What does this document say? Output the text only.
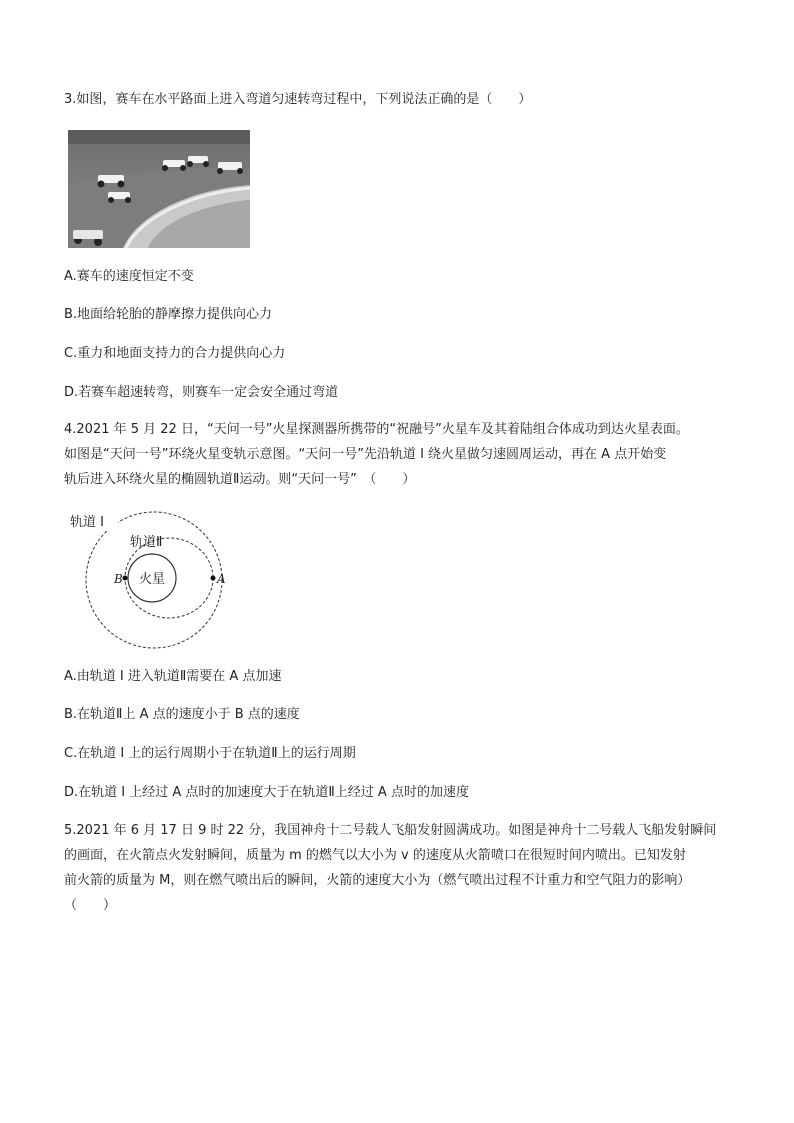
3.如图，赛车在水平路面上进入弯道匀速转弯过程中，下列说法正确的是（　　）
A.赛车的速度恒定不变
B.地面给轮胎的静摩擦力提供向心力
C.重力和地面支持力的合力提供向心力
D.若赛车超速转弯，则赛车一定会安全通过弯道
4.2021 年 5 月 22 日，“天问一号”火星探测器所携带的“祝融号”火星车及其着陆组合体成功到达火星表面。
如图是“天问一号”环绕火星变轨示意图。“天问一号”先沿轨道 I 绕火星做匀速圆周运动，再在 A 点开始变
轨后进入环绕火星的椭圆轨道Ⅱ运动。则“天问一号”　（　　）
火星
B	A
轨道 I
轨道Ⅱ
A.由轨道 I 进入轨道Ⅱ需要在 A 点加速
B.在轨道Ⅱ上 A 点的速度小于 B 点的速度
C.在轨道 I 上的运行周期小于在轨道Ⅱ上的运行周期
D.在轨道 I 上经过 A 点时的加速度大于在轨道Ⅱ上经过 A 点时的加速度
5.2021 年 6 月 17 日 9 时 22 分，我国神舟十二号载人飞船发射圆满成功。如图是神舟十二号载人飞船发射瞬间
的画面，在火箭点火发射瞬间，质量为 m 的燃气以大小为 v 的速度从火箭喷口在很短时间内喷出。已知发射
前火箭的质量为 M，则在燃气喷出后的瞬间，火箭的速度大小为（燃气喷出过程不计重力和空气阻力的影响）
（　　）
